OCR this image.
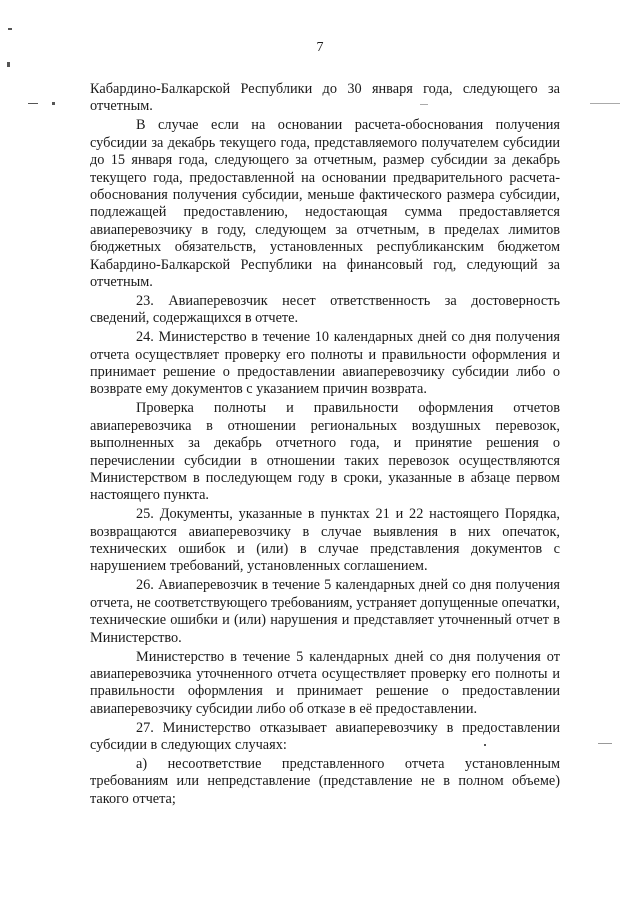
7

Кабардино-Балкарской Республики до 30 января года, следующего за отчетным.

В случае если на основании расчета-обоснования получения субсидии за декабрь текущего года, представляемого получателем субсидии до 15 января года, следующего за отчетным, размер субсидии за декабрь текущего года, предоставленной на основании предварительного расчета-обоснования получения субсидии, меньше фактического размера субсидии, подлежащей предоставлению, недостающая сумма предоставляется авиаперевозчику в году, следующем за отчетным, в пределах лимитов бюджетных обязательств, установленных республиканским бюджетом Кабардино-Балкарской Республики на финансовый год, следующий за отчетным.

23. Авиаперевозчик несет ответственность за достоверность сведений, содержащихся в отчете.

24. Министерство в течение 10 календарных дней со дня получения отчета осуществляет проверку его полноты и правильности оформления и принимает решение о предоставлении авиаперевозчику субсидии либо о возврате ему документов с указанием причин возврата.

Проверка полноты и правильности оформления отчетов авиаперевозчика в отношении региональных воздушных перевозок, выполненных за декабрь отчетного года, и принятие решения о перечислении субсидии в отношении таких перевозок осуществляются Министерством в последующем году в сроки, указанные в абзаце первом настоящего пункта.

25. Документы, указанные в пунктах 21 и 22 настоящего Порядка, возвращаются авиаперевозчику в случае выявления в них опечаток, технических ошибок и (или) в случае представления документов с нарушением требований, установленных соглашением.

26. Авиаперевозчик в течение 5 календарных дней со дня получения отчета, не соответствующего требованиям, устраняет допущенные опечатки, технические ошибки и (или) нарушения и представляет уточненный отчет в Министерство.

Министерство в течение 5 календарных дней со дня получения от авиаперевозчика уточненного отчета осуществляет проверку его полноты и правильности оформления и принимает решение о предоставлении авиаперевозчику субсидии либо об отказе в её предоставлении.

27. Министерство отказывает авиаперевозчику в предоставлении субсидии в следующих случаях:

а) несоответствие представленного отчета установленным требованиям или непредставление (представление не в полном объеме) такого отчета;
